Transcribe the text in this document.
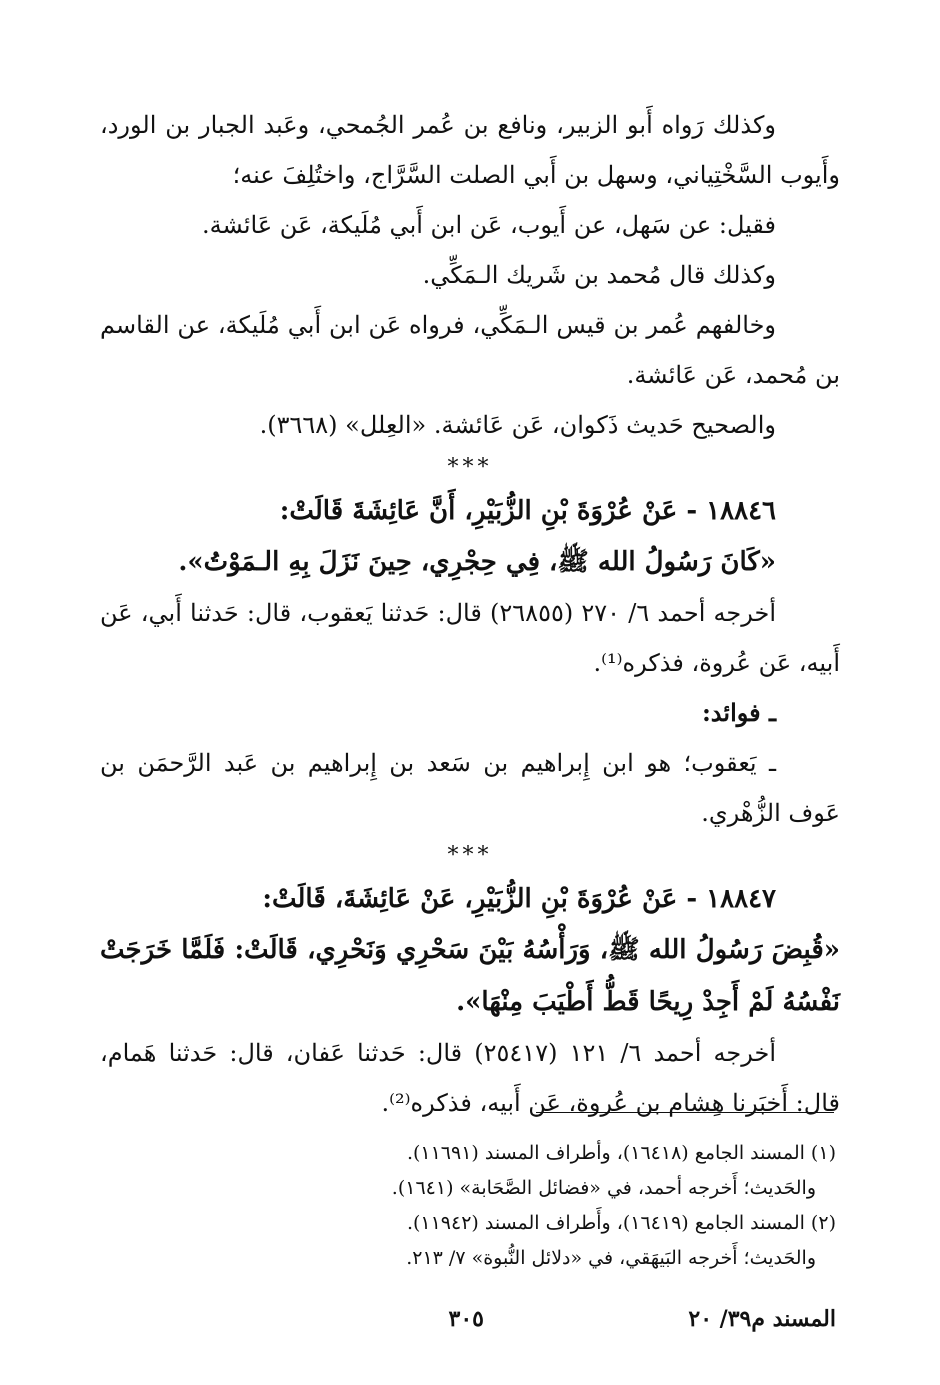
وكذلك رَواه أَبو الزبير، ونافع بن عُمر الجُمحي، وعَبد الجبار بن الورد، وأَيوب السَّخْتِياني، وسهل بن أَبي الصلت السَّرَّاج، واختُلِفَ عنه؛

فقيل: عن سَهل، عن أَيوب، عَن ابن أَبي مُلَيكة، عَن عَائشة.

وكذلك قال مُحمد بن شَريك الـمَكِّي.

وخالفهم عُمر بن قيس الـمَكِّي، فرواه عَن ابن أَبي مُلَيكة، عن القاسم بن مُحمد، عَن عَائشة.

والصحيح حَديث ذَكوان، عَن عَائشة. «العِلل» (٣٦٦٨).

***

١٨٨٤٦ - عَنْ عُرْوَةَ بْنِ الزُّبَيْرِ، أَنَّ عَائِشَةَ قَالَتْ:

«كَانَ رَسُولُ الله ﷺ، فِي حِجْرِي، حِينَ نَزَلَ بِهِ الـمَوْتُ».

أخرجه أحمد ٦/ ٢٧٠ (٢٦٨٥٥) قال: حَدثنا يَعقوب، قال: حَدثنا أَبي، عَن أَبيه، عَن عُروة، فذكره⁽¹⁾.

ـ فوائد:

ـ يَعقوب؛ هو ابن إِبراهيم بن سَعد بن إِبراهيم بن عَبد الرَّحمَن بن عَوف الزُّهْري.

***

١٨٨٤٧ - عَنْ عُرْوَةَ بْنِ الزُّبَيْرِ، عَنْ عَائِشَةَ، قَالَتْ:

«قُبِضَ رَسُولُ الله ﷺ، وَرَأْسُهُ بَيْنَ سَحْرِي وَنَحْرِي، قَالَتْ: فَلَمَّا خَرَجَتْ نَفْسُهُ لَمْ أَجِدْ رِيحًا قَطُّ أَطْيَبَ مِنْهَا».

أخرجه أحمد ٦/ ١٢١ (٢٥٤١٧) قال: حَدثنا عَفان، قال: حَدثنا هَمام، قال: أَخبَرنا هِشام بن عُروة، عَن أَبيه، فذكره⁽²⁾.

(١) المسند الجامع (١٦٤١٨)، وأطراف المسند (١١٦٩١).

والحَديث؛ أَخرجه أحمد، في «فضائل الصَّحَابة» (١٦٤١).

(٢) المسند الجامع (١٦٤١٩)، وأَطراف المسند (١١٩٤٢).

والحَديث؛ أَخرجه البَيهَقي، في «دلائل النُّبوة» ٧/ ٢١٣.

المسند م٣٩/ ٢٠
٣٠٥
